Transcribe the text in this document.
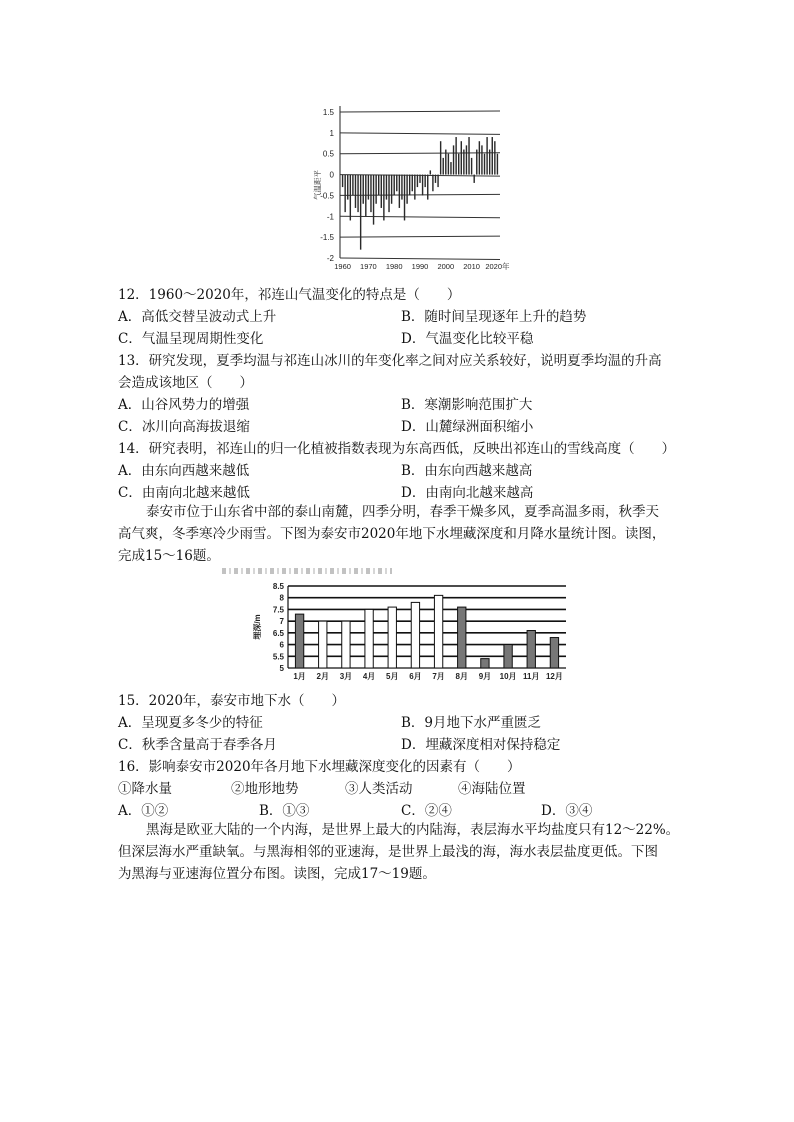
1.5
1
0.5
0
-0.5
-1
-1.5
-2
气温距平
1960 1970 1980 1990 2000 2010 2020年
12．1960～2020年，祁连山气温变化的特点是（　　）
A．高低交替呈波动式上升	B．随时间呈现逐年上升的趋势
C．气温呈现周期性变化	D．气温变化比较平稳
13．研究发现，夏季均温与祁连山冰川的年变化率之间对应关系较好，说明夏季均温的升高
会造成该地区（　　）
A．山谷风势力的增强	B．寒潮影响范围扩大
C．冰川向高海拔退缩	D．山麓绿洲面积缩小
14．研究表明，祁连山的归一化植被指数表现为东高西低，反映出祁连山的雪线高度（　　）
A．由东向西越来越低	B．由东向西越来越高
C．由南向北越来越低	D．由南向北越来越高
泰安市位于山东省中部的泰山南麓，四季分明，春季干燥多风，夏季高温多雨，秋季天
高气爽，冬季寒冷少雨雪。下图为泰安市2020年地下水埋藏深度和月降水量统计图。读图，
完成15～16题。
8.5
8
7.5
7
6.5
6
5.5
5
埋深/m
1月 2月 3月 4月 5月 6月 7月 8月 9月 10月 11月 12月
15．2020年，泰安市地下水（　　）
A．呈现夏多冬少的特征	B．9月地下水严重匮乏
C．秋季含量高于春季各月	D．埋藏深度相对保持稳定
16．影响泰安市2020年各月地下水埋藏深度变化的因素有（　　）
①降水量	②地形地势	③人类活动	④海陆位置
A．①②	B．①③	C．②④	D．③④
黑海是欧亚大陆的一个内海，是世界上最大的内陆海，表层海水平均盐度只有12～22%。
但深层海水严重缺氧。与黑海相邻的亚速海，是世界上最浅的海，海水表层盐度更低。下图
为黑海与亚速海位置分布图。读图，完成17～19题。
